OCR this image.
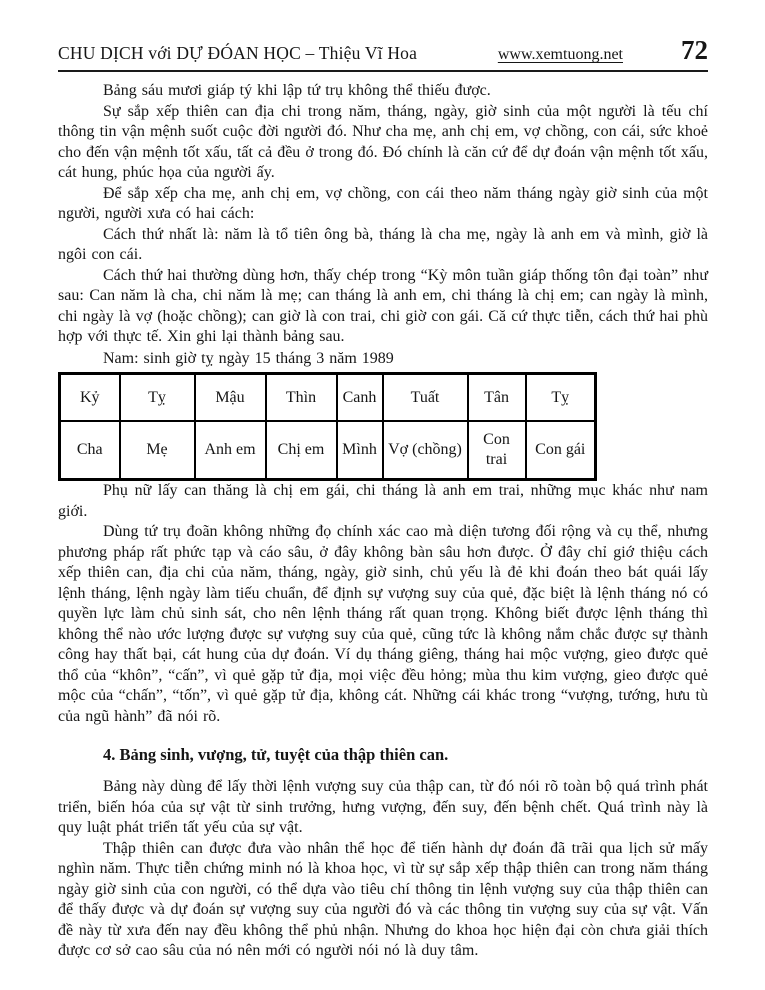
CHU DỊCH với DỰ ĐÓAN HỌC – Thiệu Vĩ Hoa	www.xemtuong.net 72

Bảng sáu mươi giáp tý khi lập tứ trụ không thể thiếu được.

Sự sắp xếp thiên can địa chi trong năm, tháng, ngày, giờ sinh của một người là tếu chí thông tin vận mệnh suốt cuộc đời người đó. Như cha mẹ, anh chị em, vợ chồng, con cái, sức khoẻ cho đến vận mệnh tốt xấu, tất cả đều ở trong đó. Đó chính là căn cứ để dự đoán vận mệnh tốt xấu, cát hung, phúc họa của người ấy.

Để sắp xếp cha mẹ, anh chị em, vợ chồng, con cái theo năm tháng ngày giờ sinh của một người, người xưa có hai cách:

Cách thứ nhất là: năm là tổ tiên ông bà, tháng là cha mẹ, ngày là anh em và mình, giờ là ngôi con cái.

Cách thứ hai thường dùng hơn, thấy chép trong “Kỳ môn tuần giáp thống tôn đại toàn” như sau: Can năm là cha, chi năm là mẹ; can tháng là anh em, chi tháng là chị em; can ngày là mình, chi ngày là vợ (hoặc chồng); can giờ là con trai, chi giờ con gái. Că cứ thực tiễn, cách thứ hai phù hợp với thực tế. Xin ghi lại thành bảng sau.

Nam: sinh giờ tỵ ngày 15 tháng 3 năm 1989

Kỷ	Tỵ	Mậu	Thìn	Canh	Tuất	Tân	Tỵ
Cha	Mẹ	Anh em	Chị em	Mình	Vợ (chồng)	Con trai	Con gái

Phụ nữ lấy can thăng là chị em gái, chi tháng là anh em trai, những mục khác như nam giới.

Dùng tứ trụ đoãn không những đọ chính xác cao mà diện tương đối rộng và cụ thể, nhưng phương pháp rất phức tạp và cáo sâu, ở đây không bàn sâu hơn được. Ở đây chỉ giớ thiệu cách xếp thiên can, địa chi của năm, tháng, ngày, giờ sinh, chủ yếu là đẻ khi đoán theo bát quái lấy lệnh tháng, lệnh ngày làm tiếu chuẩn, để định sự vượng suy của quẻ, đặc biệt là lệnh tháng nó có quyền lực làm chủ sinh sát, cho nên lệnh tháng rất quan trọng. Không biết được lệnh tháng thì không thể nào ước lượng được sự vượng suy của quẻ, cũng tức là không nắm chắc được sự thành công hay thất bại, cát hung của dự đoán. Ví dụ tháng giêng, tháng hai mộc vượng, gieo được quẻ thổ của “khôn”, “cấn”, vì quẻ gặp tử địa, mọi việc đều hỏng; mùa thu kim vượng, gieo được quẻ mộc của “chấn”, “tốn”, vì quẻ gặp tử địa, không cát. Những cái khác trong “vượng, tướng, hưu tù của ngũ hành” đã nói rõ.

4. Bảng sinh, vượng, tử, tuyệt của thập thiên can.

Bảng này dùng để lấy thời lệnh vượng suy của thập can, từ đó nói rõ toàn bộ quá trình phát triển, biến hóa của sự vật từ sinh trưởng, hưng vượng, đến suy, đến bệnh chết. Quá trình này là quy luật phát triển tất yếu của sự vật.

Thập thiên can được đưa vào nhân thể học để tiến hành dự đoán đã trãi qua lịch sử mấy nghìn năm. Thực tiễn chứng minh nó là khoa học, vì từ sự sắp xếp thập thiên can trong năm tháng ngày giờ sinh của con người, có thể dựa vào tiêu chí thông tin lệnh vượng suy của thập thiên can để thấy được và dự đoán sự vượng suy của người đó và các thông tin vượng suy của sự vật. Vấn đề này từ xưa đến nay đều không thể phủ nhận. Nhưng do khoa học hiện đại còn chưa giải thích được cơ sở cao sâu của nó nên mới có người nói nó là duy tâm.
